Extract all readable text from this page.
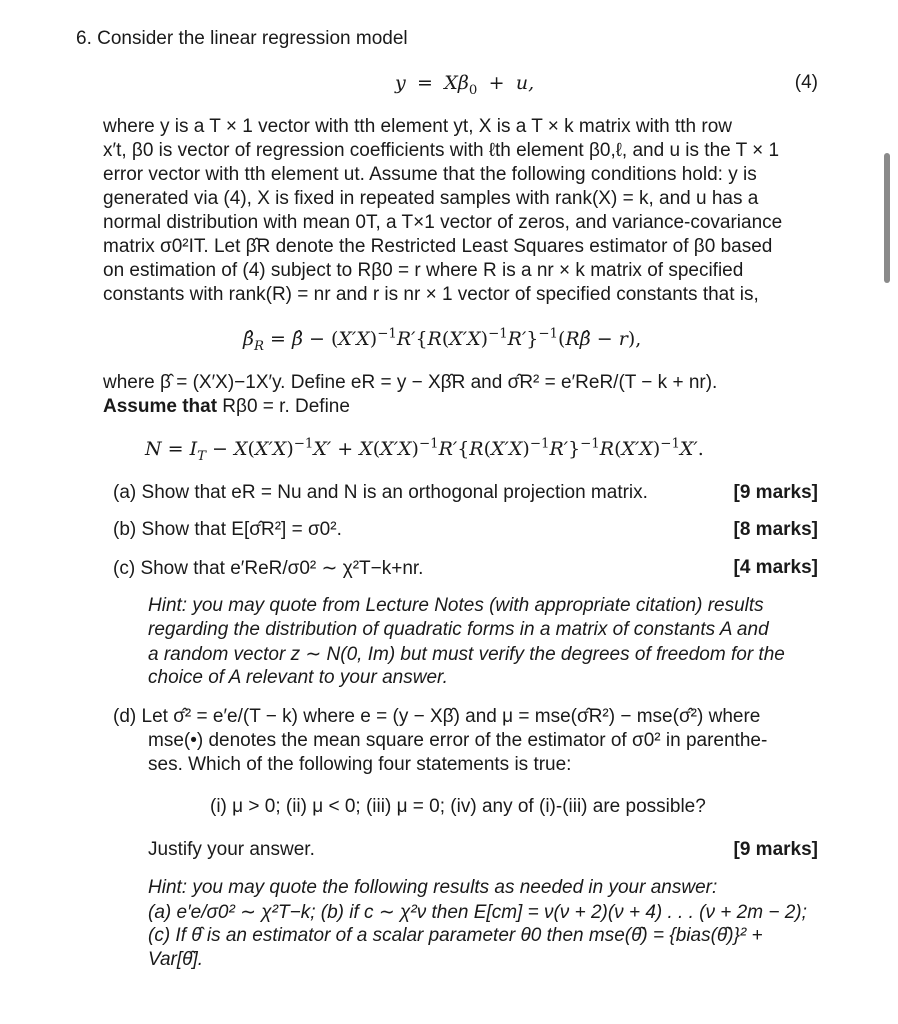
6. Consider the linear regression model
$y = X\beta_0 + u$,	(4)
where y is a T × 1 vector with tth element yt, X is a T × k matrix with tth row
x′t, β0 is vector of regression coefficients with ℓth element β0,ℓ, and u is the T × 1
error vector with tth element ut. Assume that the following conditions hold: y is
generated via (4), X is fixed in repeated samples with rank(X) = k, and u has a
normal distribution with mean 0T, a T×1 vector of zeros, and variance-covariance
matrix σ0²IT. Let β̂R denote the Restricted Least Squares estimator of β0 based
on estimation of (4) subject to Rβ0 = r where R is a nr × k matrix of specified
constants with rank(R) = nr and r is nr × 1 vector of specified constants that is,
$\betâ_R$ = β̂ − $(X'X)^{-1}R'\{R(X'X)^{-1}R'\}^{-1}(R\betâ - r)$,
where β̂ = (X′X)−1X′y. Define eR = y − Xβ̂R and σ̂R² = e′ReR/(T − k + nr).
Assume that Rβ0 = r. Define
$N = I_T - X(X'X)^{-1}X' + X(X'X)^{-1}R'\{R(X'X)^{-1}R'\}^{-1}R(X'X)^{-1}X'$.
(a) Show that eR = Nu and N is an orthogonal projection matrix.	[9 marks]
(b) Show that E[σ̂R²] = σ0².	[8 marks]
(c) Show that e′ReR/σ0² ∼ χ²T−k+nr.	[4 marks]
Hint: you may quote from Lecture Notes (with appropriate citation) results
regarding the distribution of quadratic forms in a matrix of constants A and
a random vector z ∼ N(0, Im) but must verify the degrees of freedom for the
choice of A relevant to your answer.
(d) Let σ̂² = e′e/(T − k) where e = (y − Xβ̂) and μ = mse(σ̂R²) − mse(σ̂²) where
mse(•) denotes the mean square error of the estimator of σ0² in parenthe-
ses. Which of the following four statements is true:
(i) μ > 0; (ii) μ < 0; (iii) μ = 0; (iv) any of (i)-(iii) are possible?
Justify your answer.	[9 marks]
Hint: you may quote the following results as needed in your answer:
(a) e′e/σ0² ∼ χ²T−k; (b) if c ∼ χ²ν then E[cm] = ν(ν + 2)(ν + 4) . . . (ν + 2m − 2);
(c) If θ̂ is an estimator of a scalar parameter θ0 then mse(θ̂) = {bias(θ̂)}² +
Var[θ̂].
